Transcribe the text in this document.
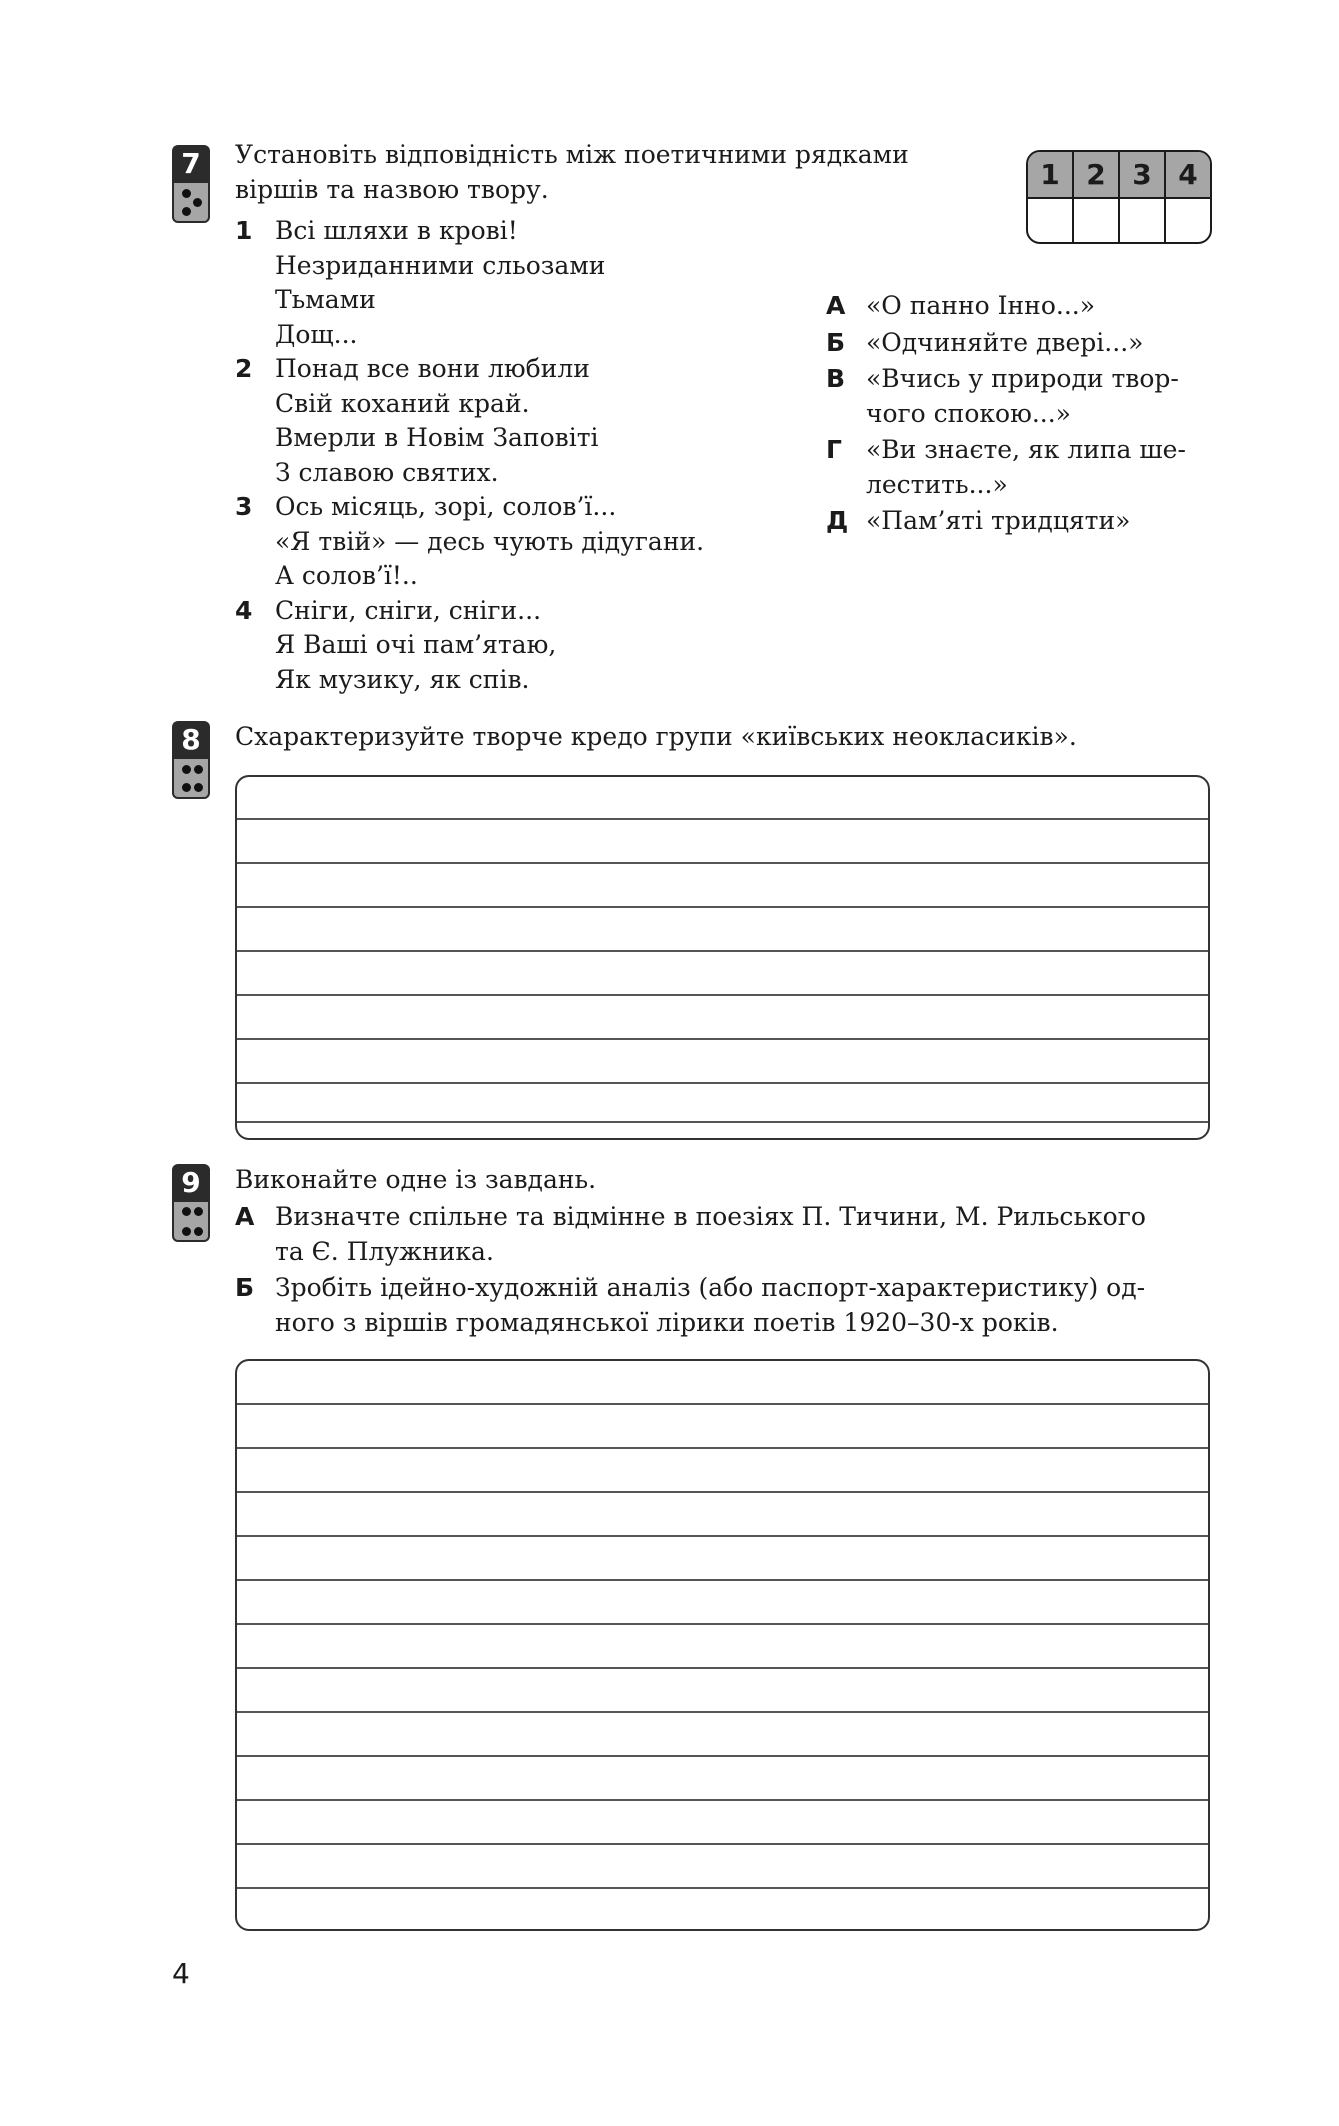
7	Установіть відповідність між поетичними рядками
віршів та назвою твору.	1 2 3 4
1 Всі шляхи в крові!
Незриданними сльозами
Тьмами
Дощ...
2 Понад все вони любили
Свій коханий край.
Вмерли в Новім Заповіті
З славою святих.
3 Ось місяць, зорі, солов’ї...
«Я твій» — десь чують дідугани.
А солов’ї!..
4 Сніги, сніги, сніги...
Я Ваші очі пам’ятаю,
Як музику, як спів.
А «О панно Інно...»
Б «Одчиняйте двері...»
В «Вчись у природи твор-
чого спокою...»
Г «Ви знаєте, як липа ше-
лестить...»
Д «Пам’яті тридцяти»
8	Схарактеризуйте творче кредо групи «київських неокласиків».
9	Виконайте одне із завдань.
А Визначте спільне та відмінне в поезіях П. Тичини, М. Рильського
та Є. Плужника.
Б Зробіть ідейно-художній аналіз (або паспорт-характеристику) од-
ного з віршів громадянської лірики поетів 1920–30-х років.
4
